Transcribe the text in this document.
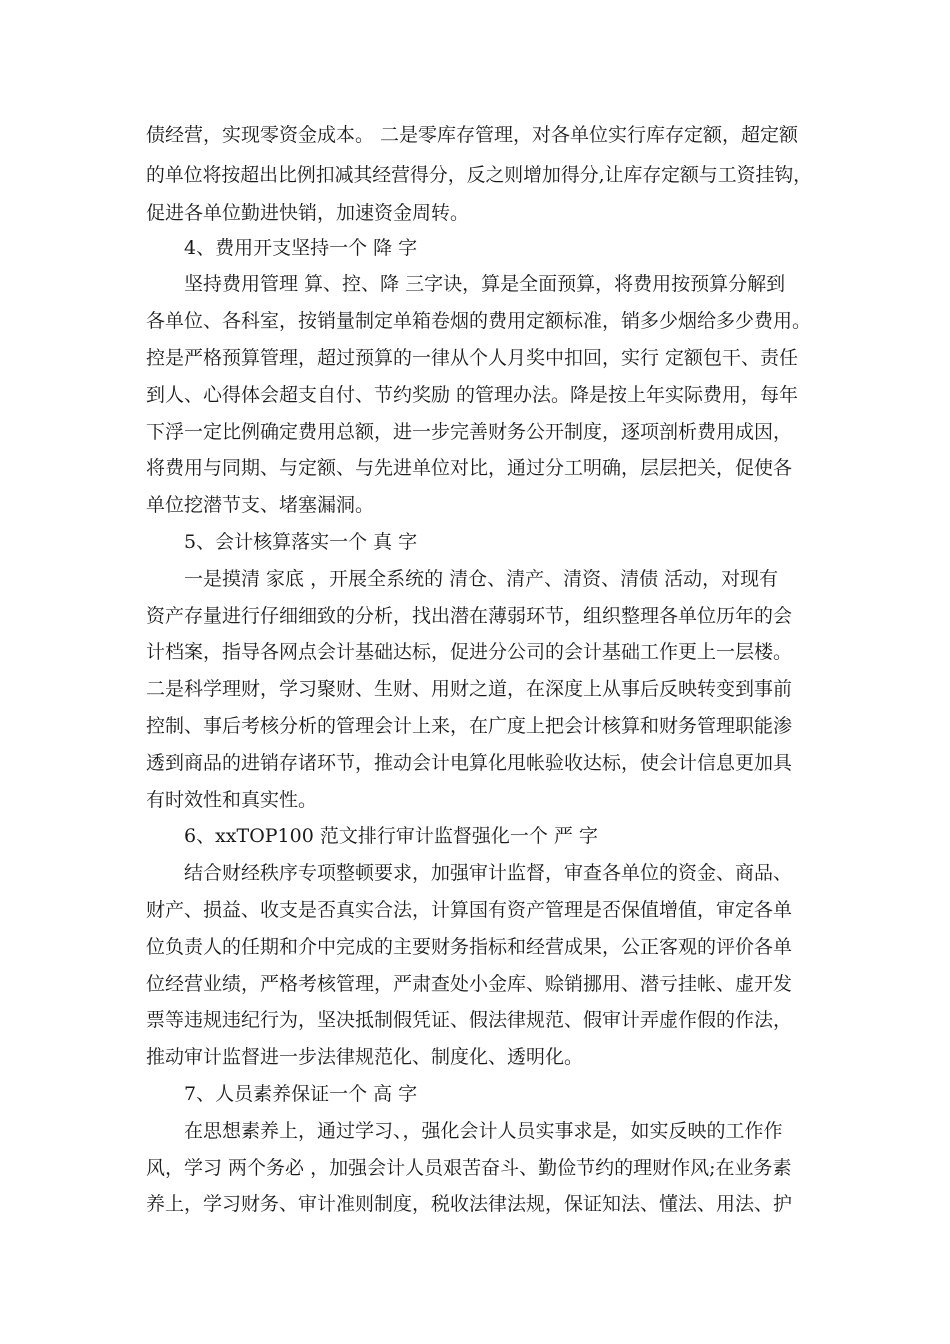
债经营，实现零资金成本。 二是零库存管理，对各单位实行库存定额，超定额
的单位将按超出比例扣减其经营得分，反之则增加得分,让库存定额与工资挂钩，
促进各单位勤进快销，加速资金周转。
4、费用开支坚持一个 降 字
坚持费用管理 算、控、降 三字诀，算是全面预算，将费用按预算分解到
各单位、各科室，按销量制定单箱卷烟的费用定额标准，销多少烟给多少费用。
控是严格预算管理，超过预算的一律从个人月奖中扣回，实行 定额包干、责任
到人、心得体会超支自付、节约奖励 的管理办法。降是按上年实际费用，每年
下浮一定比例确定费用总额，进一步完善财务公开制度，逐项剖析费用成因，
将费用与同期、与定额、与先进单位对比，通过分工明确，层层把关，促使各
单位挖潜节支、堵塞漏洞。
5、会计核算落实一个 真 字
一是摸清 家底 ，开展全系统的 清仓、清产、清资、清债 活动，对现有
资产存量进行仔细细致的分析，找出潜在薄弱环节，组织整理各单位历年的会
计档案，指导各网点会计基础达标，促进分公司的会计基础工作更上一层楼。
二是科学理财，学习聚财、生财、用财之道，在深度上从事后反映转变到事前
控制、事后考核分析的管理会计上来，在广度上把会计核算和财务管理职能渗
透到商品的进销存诸环节，推动会计电算化甩帐验收达标，使会计信息更加具
有时效性和真实性。
6、xxTOP100 范文排行审计监督强化一个 严 字
结合财经秩序专项整顿要求，加强审计监督，审查各单位的资金、商品、
财产、损益、收支是否真实合法，计算国有资产管理是否保值增值，审定各单
位负责人的任期和介中完成的主要财务指标和经营成果，公正客观的评价各单
位经营业绩，严格考核管理，严肃查处小金库、赊销挪用、潜亏挂帐、虚开发
票等违规违纪行为，坚决抵制假凭证、假法律规范、假审计弄虚作假的作法，
推动审计监督进一步法律规范化、制度化、透明化。
7、人员素养保证一个 高 字
在思想素养上，通过学习、，强化会计人员实事求是，如实反映的工作作
风，学习 两个务必 ，加强会计人员艰苦奋斗、勤俭节约的理财作风;在业务素
养上，学习财务、审计准则制度，税收法律法规，保证知法、懂法、用法、护
